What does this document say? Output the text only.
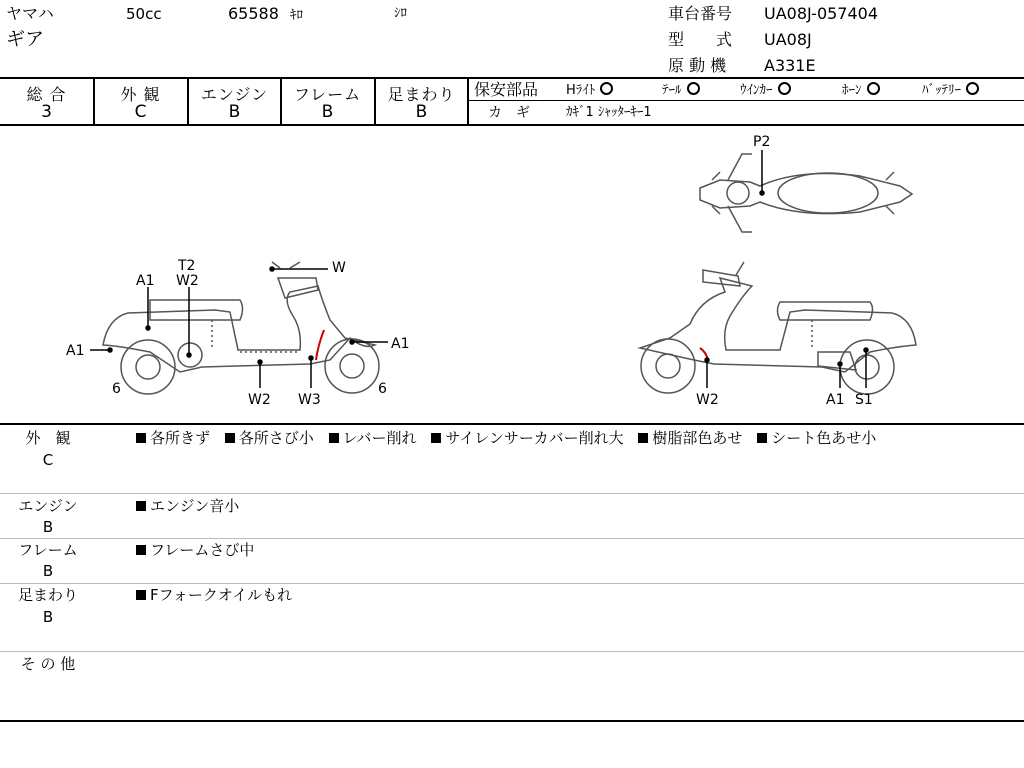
ヤマハ
ギア
50cc	65588 ｷﾛ	ｼﾛ	車台番号 UA08J-057404
型　　式 UA08J
原 動 機 A331E
総 合	外 観	エンジン	フレーム	足まわり
3	C	B	B	B
保安部品 Hﾗｲﾄ	ﾃｰﾙ	ｳｲﾝｶｰ	ﾎｰﾝ	ﾊﾞｯﾃﾘｰ
カ　ギ	ｶｷﾞ1 ｼｬｯﾀｰｷｰ1
T2
W2
W
A1
A1	A1
6
W2 W3
6
W2	A1 S1
P2
外　観
C
各所きず 各所さび小 レバー削れ サイレンサーカバー削れ大 樹脂部色あせ シート色あせ小
エンジン
B
エンジン音小
フレーム
B
フレームさび中
足まわり
B
Fフォークオイルもれ
そ の 他
